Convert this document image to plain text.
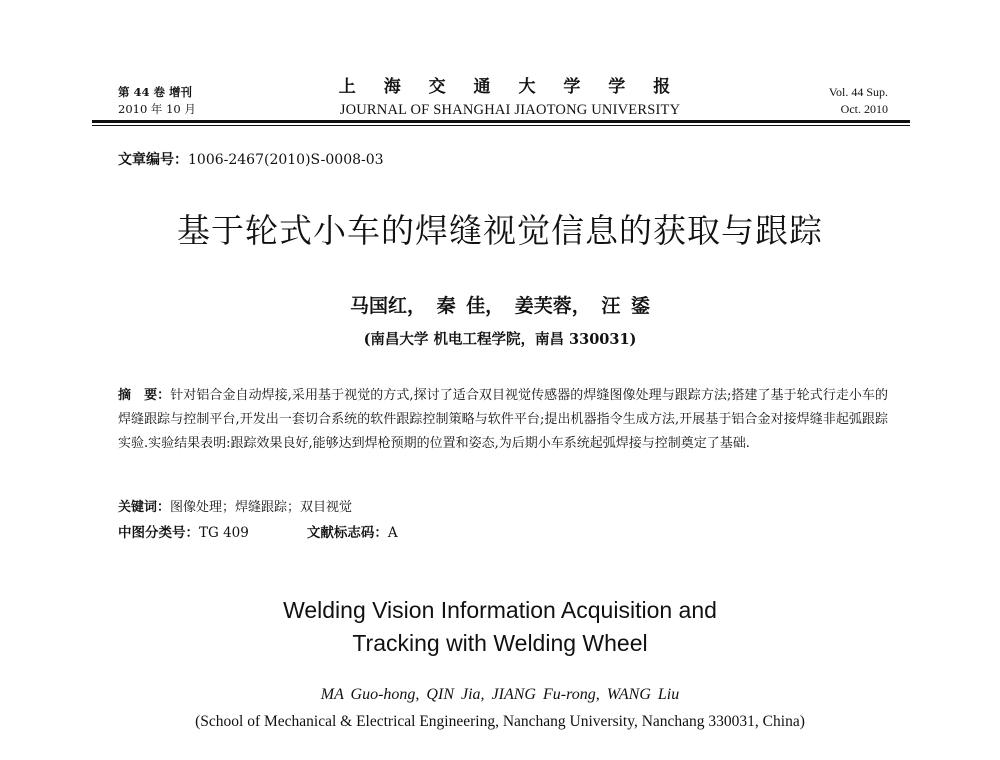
第 44 卷 增刊
2010 年 10 月
上 海 交 通 大 学 学 报
JOURNAL OF SHANGHAI JIAOTONG UNIVERSITY
Vol. 44 Sup.
Oct. 2010
文章编号：1006-2467(2010)S-0008-03
基于轮式小车的焊缝视觉信息的获取与跟踪
马国红， 秦 佳， 姜芙蓉， 汪 鋈
(南昌大学 机电工程学院，南昌 330031)
摘　要：针对铝合金自动焊接,采用基于视觉的方式,探讨了适合双目视觉传感器的焊缝图像处理与跟踪方法;搭建了基于轮式行走小车的焊缝跟踪与控制平台,开发出一套切合系统的软件跟踪控制策略与软件平台;提出机器指令生成方法,开展基于铝合金对接焊缝非起弧跟踪实验.实验结果表明:跟踪效果良好,能够达到焊枪预期的位置和姿态,为后期小车系统起弧焊接与控制奠定了基础.
关键词：图像处理；焊缝跟踪；双目视觉
中图分类号：TG 409	文献标志码：A
Welding Vision Information Acquisition and
Tracking with Welding Wheel
MA Guo-hong, QIN Jia, JIANG Fu-rong, WANG Liu
(School of Mechanical & Electrical Engineering, Nanchang University, Nanchang 330031, China)
